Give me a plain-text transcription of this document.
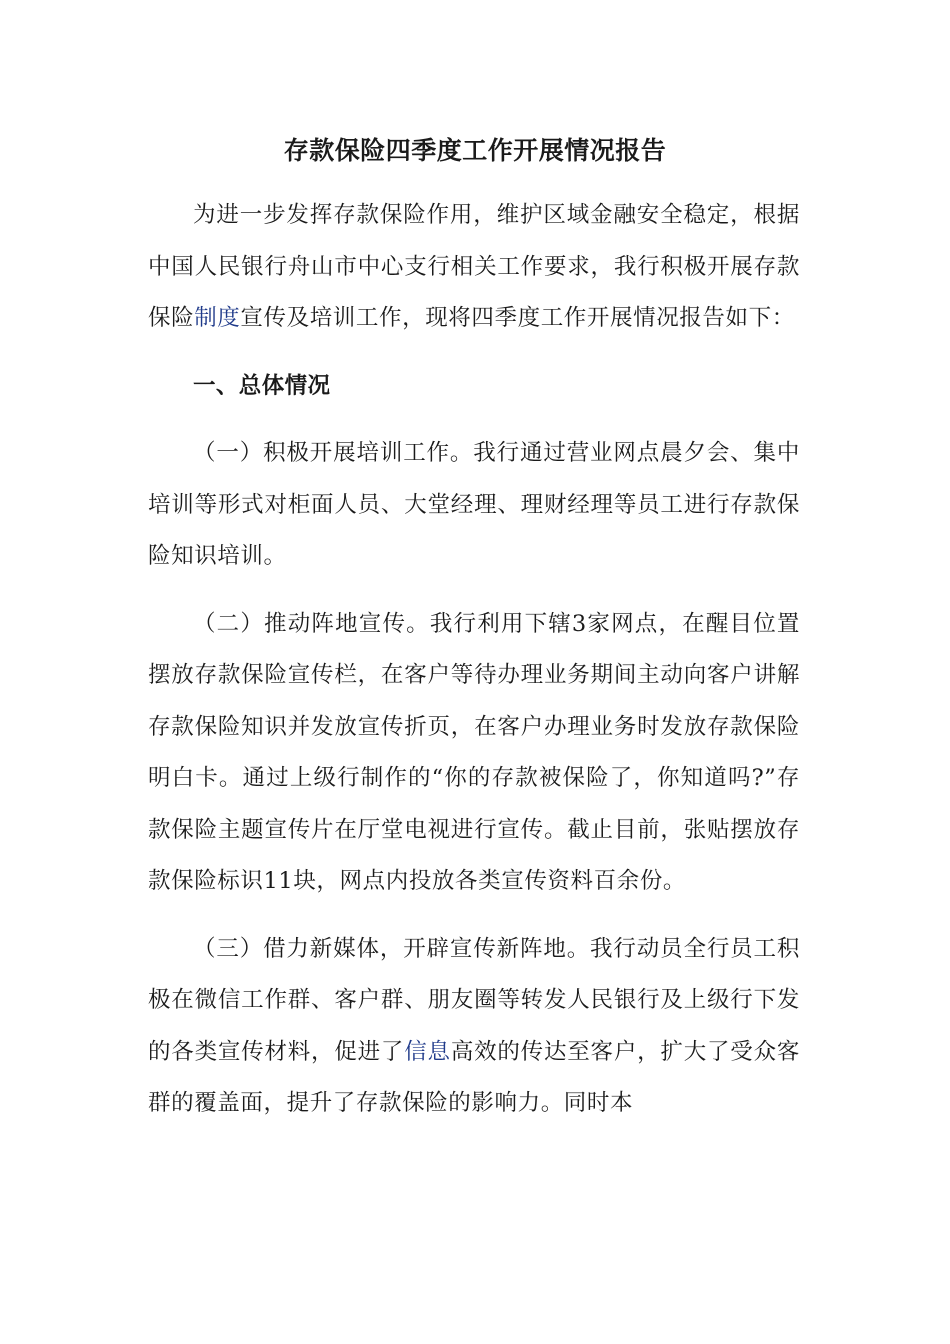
存款保险四季度工作开展情况报告

为进一步发挥存款保险作用，维护区域金融安全稳定，根据中国人民银行舟山市中心支行相关工作要求，我行积极开展存款保险制度宣传及培训工作，现将四季度工作开展情况报告如下：

一、总体情况

（一）积极开展培训工作。我行通过营业网点晨夕会、集中培训等形式对柜面人员、大堂经理、理财经理等员工进行存款保险知识培训。

（二）推动阵地宣传。我行利用下辖3家网点，在醒目位置摆放存款保险宣传栏，在客户等待办理业务期间主动向客户讲解存款保险知识并发放宣传折页，在客户办理业务时发放存款保险明白卡。通过上级行制作的“你的存款被保险了，你知道吗?”存款保险主题宣传片在厅堂电视进行宣传。截止目前，张贴摆放存款保险标识11块，网点内投放各类宣传资料百余份。

（三）借力新媒体，开辟宣传新阵地。我行动员全行员工积极在微信工作群、客户群、朋友圈等转发人民银行及上级行下发的各类宣传材料，促进了信息高效的传达至客户，扩大了受众客群的覆盖面，提升了存款保险的影响力。同时本
